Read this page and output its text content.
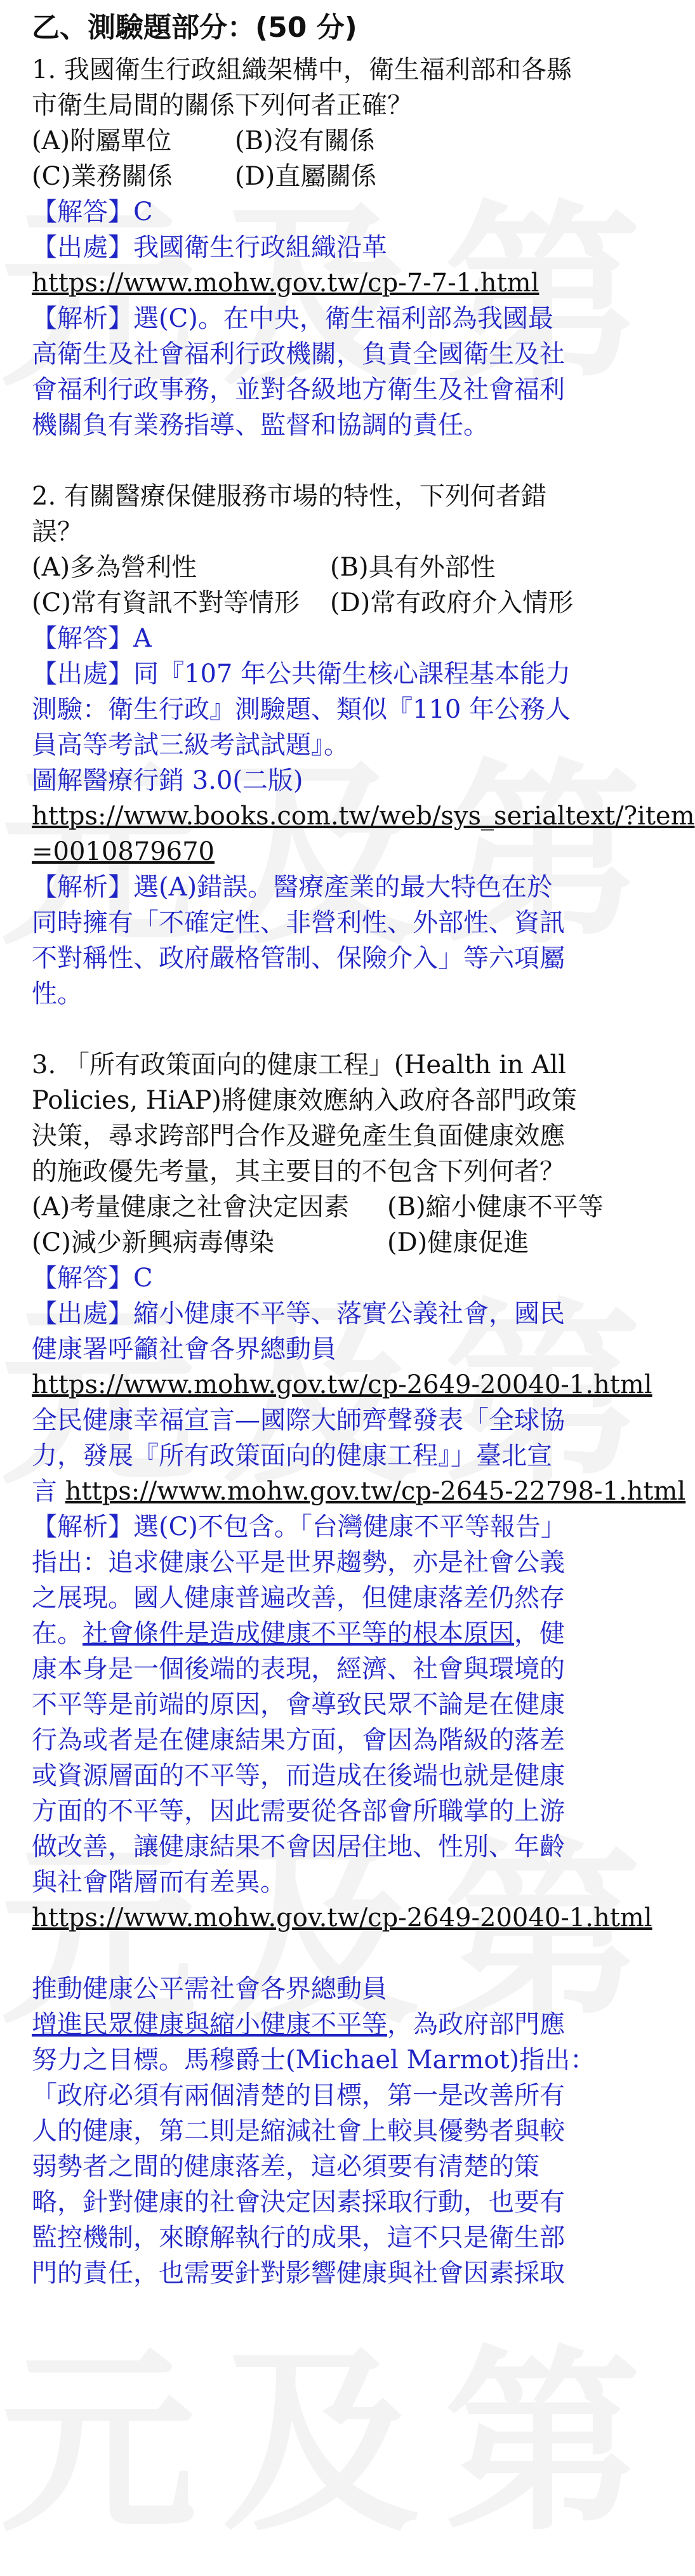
乙、測驗題部分：(50 分)
1. 我國衛生行政組織架構中，衛生福利部和各縣
市衛生局間的關係下列何者正確？
(A)附屬單位 (B)沒有關係
(C)業務關係 (D)直屬關係
【解答】C
【出處】我國衛生行政組織沿革
https://www.mohw.gov.tw/cp-7-7-1.html
【解析】選(C)。在中央，衛生福利部為我國最
高衛生及社會福利行政機關，負責全國衛生及社
會福利行政事務，並對各級地方衛生及社會福利
機關負有業務指導、監督和協調的責任。
2. 有關醫療保健服務市場的特性，下列何者錯
誤？
(A)多為營利性	(B)具有外部性
(C)常有資訊不對等情形 (D)常有政府介入情形
【解答】A
【出處】同『107 年公共衛生核心課程基本能力
測驗：衛生行政』測驗題、類似『110 年公務人
員高等考試三級考試試題』。
圖解醫療行銷 3.0(二版)
https://www.books.com.tw/web/sys_serialtext/?item
=0010879670
【解析】選(A)錯誤。醫療產業的最大特色在於
同時擁有「不確定性、非營利性、外部性、資訊
不對稱性、政府嚴格管制、保險介入」等六項屬
性。
3. 「所有政策面向的健康工程」(Health in All
Policies, HiAP)將健康效應納入政府各部門政策
決策，尋求跨部門合作及避免產生負面健康效應
的施政優先考量，其主要目的不包含下列何者？
(A)考量健康之社會決定因素 (B)縮小健康不平等
(C)減少新興病毒傳染	(D)健康促進
【解答】C
【出處】縮小健康不平等、落實公義社會，國民
健康署呼籲社會各界總動員
https://www.mohw.gov.tw/cp-2649-20040-1.html
全民健康幸福宣言—國際大師齊聲發表「全球協
力，發展『所有政策面向的健康工程』」臺北宣
言 https://www.mohw.gov.tw/cp-2645-22798-1.html
【解析】選(C)不包含。「台灣健康不平等報告」
指出：追求健康公平是世界趨勢，亦是社會公義
之展現。國人健康普遍改善，但健康落差仍然存
在。社會條件是造成健康不平等的根本原因，健
康本身是一個後端的表現，經濟、社會與環境的
不平等是前端的原因，會導致民眾不論是在健康
行為或者是在健康結果方面，會因為階級的落差
或資源層面的不平等，而造成在後端也就是健康
方面的不平等，因此需要從各部會所職掌的上游
做改善，讓健康結果不會因居住地、性別、年齡
與社會階層而有差異。
https://www.mohw.gov.tw/cp-2649-20040-1.html
推動健康公平需社會各界總動員
增進民眾健康與縮小健康不平等，為政府部門應
努力之目標。馬穆爵士(Michael Marmot)指出：
「政府必須有兩個清楚的目標，第一是改善所有
人的健康，第二則是縮減社會上較具優勢者與較
弱勢者之間的健康落差，這必須要有清楚的策
略，針對健康的社會決定因素採取行動，也要有
監控機制，來瞭解執行的成果，這不只是衛生部
門的責任，也需要針對影響健康與社會因素採取
